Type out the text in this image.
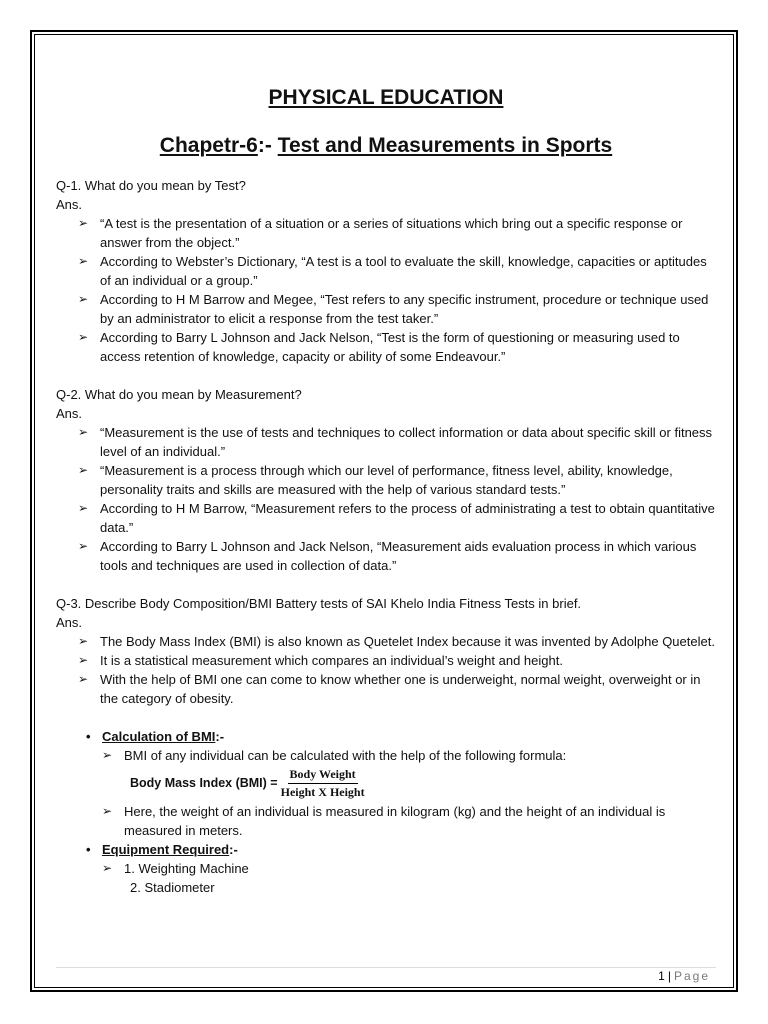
PHYSICAL EDUCATION
Chapetr-6:- Test and Measurements in Sports

Q-1. What do you mean by Test?

Ans.

➢ “A test is the presentation of a situation or a series of situations which bring out a specific response or answer from the object.”
➢ According to Webster’s Dictionary, “A test is a tool to evaluate the skill, knowledge, capacities or aptitudes of an individual or a group.”
➢ According to H M Barrow and Megee, “Test refers to any specific instrument, procedure or technique used by an administrator to elicit a response from the test taker.”
➢ According to Barry L Johnson and Jack Nelson, “Test is the form of questioning or measuring used to access retention of knowledge, capacity or ability of some Endeavour.”

Q-2. What do you mean by Measurement?

Ans.

➢ “Measurement is the use of tests and techniques to collect information or data about specific skill or fitness level of an individual.”
➢ “Measurement is a process through which our level of performance, fitness level, ability, knowledge, personality traits and skills are measured with the help of various standard tests.”
➢ According to H M Barrow, “Measurement refers to the process of administrating a test to obtain quantitative data.”
➢ According to Barry L Johnson and Jack Nelson, “Measurement aids evaluation process in which various tools and techniques are used in collection of data.”

Q-3. Describe Body Composition/BMI Battery tests of SAI Khelo India Fitness Tests in brief.

Ans.

➢ The Body Mass Index (BMI) is also known as Quetelet Index because it was invented by Adolphe Quetelet.
➢ It is a statistical measurement which compares an individual’s weight and height.
➢ With the help of BMI one can come to know whether one is underweight, normal weight, overweight or in the category of obesity.
• Calculation of BMI:-
➢ BMI of any individual can be calculated with the help of the following formula:
Body Mass Index $(BMI) = \frac{\text{Body Weight}}{\text{Height X Height}}$
➢ Here, the weight of an individual is measured in kilogram (kg) and the height of an individual is measured in meters.
• Equipment Required:-
➢ 1. Weighting Machine
2. Stadiometer
1 | Page
